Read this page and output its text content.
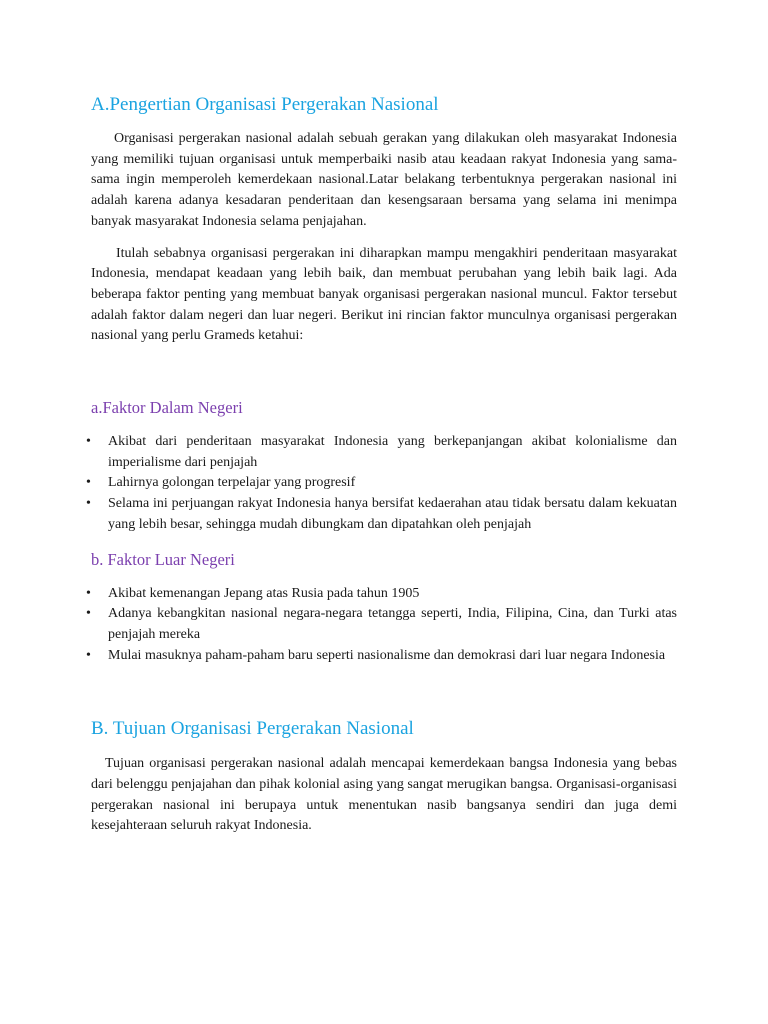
A.Pengertian Organisasi Pergerakan Nasional

Organisasi pergerakan nasional adalah sebuah gerakan yang dilakukan oleh masyarakat Indonesia yang memiliki tujuan organisasi untuk memperbaiki nasib atau keadaan rakyat Indonesia yang sama-sama ingin memperoleh kemerdekaan nasional.Latar belakang terbentuknya pergerakan nasional ini adalah karena adanya kesadaran penderitaan dan kesengsaraan bersama yang selama ini menimpa banyak masyarakat Indonesia selama penjajahan.

Itulah sebabnya organisasi pergerakan ini diharapkan mampu mengakhiri penderitaan masyarakat Indonesia, mendapat keadaan yang lebih baik, dan membuat perubahan yang lebih baik lagi. Ada beberapa faktor penting yang membuat banyak organisasi pergerakan nasional muncul. Faktor tersebut adalah faktor dalam negeri dan luar negeri. Berikut ini rincian faktor munculnya organisasi pergerakan nasional yang perlu Grameds ketahui:

a.Faktor Dalam Negeri
• Akibat dari penderitaan masyarakat Indonesia yang berkepanjangan akibat kolonialisme dan imperialisme dari penjajah
• Lahirnya golongan terpelajar yang progresif
• Selama ini perjuangan rakyat Indonesia hanya bersifat kedaerahan atau tidak bersatu dalam kekuatan yang lebih besar, sehingga mudah dibungkam dan dipatahkan oleh penjajah
b. Faktor Luar Negeri
• Akibat kemenangan Jepang atas Rusia pada tahun 1905
• Adanya kebangkitan nasional negara-negara tetangga seperti, India, Filipina, Cina, dan Turki atas penjajah mereka
• Mulai masuknya paham-paham baru seperti nasionalisme dan demokrasi dari luar negara Indonesia
B. Tujuan Organisasi Pergerakan Nasional

Tujuan organisasi pergerakan nasional adalah mencapai kemerdekaan bangsa Indonesia yang bebas dari belenggu penjajahan dan pihak kolonial asing yang sangat merugikan bangsa. Organisasi-organisasi pergerakan nasional ini berupaya untuk menentukan nasib bangsanya sendiri dan juga demi kesejahteraan seluruh rakyat Indonesia.
